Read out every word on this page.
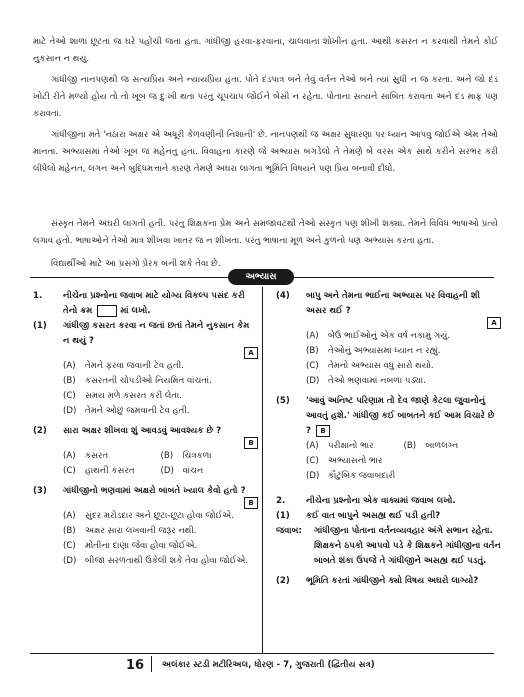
માટે તેઓ શાળા છૂટતાં જ ઘરે પહોંચી જતા હતા. ગાંધીજી હરવા-ફરવાના, ચાલવાના શોખીન હતા. આથી કસરત ન કરવાથી તેમને કોઈ નુકસાન ન થયું.

ગાંધીજી નાનપણથી જ સત્યપ્રિય અને ન્યાયપ્રિય હતા. પોતે દંડપાત્ર બને તેવું વર્તન તેઓ બને ત્યાં સુધી ન જ કરતા. અને જો દંડ ખોટી રીતે મળ્યો હોય તો તો ખૂબ જ દુઃખી થતા પરંતુ ચૂપચાપ જોઈને બેસી ન રહેતા. પોતાના સત્યને સાબિત કરાવતા અને દંડ માફ પણ કરાવતા.

ગાંધીજીના મતે 'નઠારા અક્ષર એ અધૂરી કેળવણીની નિશાની' છે. નાનપણથી જ અક્ષર સુધારણા પર ધ્યાન આપવું જોઈએ એમ તેઓ માનતા. અભ્યાસમાં તેઓ ખૂબ જ મહેનતુ હતા. વિવાહના કારણે જે અભ્યાસ બગડેલો તે તેમણે બે વરસ એક સાથે કરીને સરભર કરી લીધેલો મહેનત, લગન અને બુદ્ધિમત્તાને કારણ તેમણે અઘરા લાગતા ભૂમિતિ વિષયને પણ પ્રિય બનાવી દીધો.

સંસ્કૃત તેમને અઘરી લાગતી હતી. પરંતુ શિક્ષકના પ્રેમ અને સમજાવટથી તેઓ સંસ્કૃત પણ શીખી શક્યા. તેમને વિવિધ ભાષાઓ પ્રત્યે લગાવ હતો. ભાષાઓને તેઓ માત્ર શીખવા ખાતર જ ન શીખતા. પરંતુ ભાષાનાં મૂળ અને કુળનો પણ અભ્યાસ કરતા હતા.

વિદ્યાર્થીઓ માટે આ પ્રસંગો પ્રેરક બની શકે તેવા છે.

અભ્યાસ
1.	નીચેના પ્રશ્નોના જવાબ માટે યોગ્ય વિકલ્પ પસંદ કરી તેનો ક્રમ	માં લખો.
(1)	ગાંધીજી કસરત કરવા ન જતાં છતાં તેમને નુકસાન કેમ ન થયું ?
A
(A)	તેમને ફરવા જવાની ટેવ હતી.
(B)	કસરતની ચોપડીઓ નિયમિત વાંચતાં.
(C)	સમય મળે કસરત કરી લેતા.
(D)	તેમને ઓછું જમવાની ટેવ હતી.
(2)	સારા અક્ષર શીખવા શું આવડવું આવશ્યક છે ?
B
(A)	કસરત	(B)	ચિત્રકળા
(C)	હાથની કસરત	(D)	વાંચન
(3)	ગાંધીજીનો ભણવામાં અક્ષરો બાબતે ખ્યાલ કેવો હતો ?
B
(A)	સુંદર મરોડદાર અને છૂટા-છૂટા હોવા જોઈએ.
(B)	અક્ષર સારા લખવાની જરૂર નથી.
(C)	મોતીના દાણા જેવા હોવા જોઈએ.
(D)	બીજા સરળતાથી ઉકેલી શકે તેવા હોવા જોઈએ.
(4)	બાપુ અને તેમના ભાઈના અભ્યાસ પર વિવાહની શી અસર થઈ ?
A
(A)	બેઉ ભાઈઓનું એક વર્ષ નકામું ગયું.
(B)	તેઓનું અભ્યાસમાં ધ્યાન ન રહ્યું.
(C)	તેમનો અભ્યાસ વધુ સારો થયો.
(D)	તેઓ ભણવામાં નબળા પડ્યા.
(5)	'આવું અનિષ્ટ પરિણામ તો દેવ જાણે કેટલા જુવાનોનું આવતું હશે.' ગાંધીજી કઈ બાબતને કઈ આમ વિચારે છે ? B
(A)	પરીક્ષાનો ભાર	(B)	બાળલગ્ન
(C)	અભ્યાસનો ભાર
(D)	કૌટુંબિક જવાબદારી
2.	નીચેના પ્રશ્નોના એક વાક્યમાં જવાબ લખો.
(1)	કઈ વાત બાપુને અસહ્ય થઈ પડી હતી?
જવાબ:	ગાંધીજીના પોતાના વર્તનવ્યવહાર અંગે સભાન રહેતા. શિક્ષકને ઠપકો આપવો પડે કે શિક્ષકને ગાંધીજીના વર્તન બાબતે શંકા ઉપજે તે ગાંધીજીને અસહ્ય થઈ પડતું.
(2)	ભૂમિતિ કરતાં ગાંધીજીને ક્યો વિષય અઘરો લાગ્યો?
16 અલંકાર સ્ટડી મટીરિઅલ, ધોરણ - 7, ગુજરાતી (દ્વિતીય સત્ર)
